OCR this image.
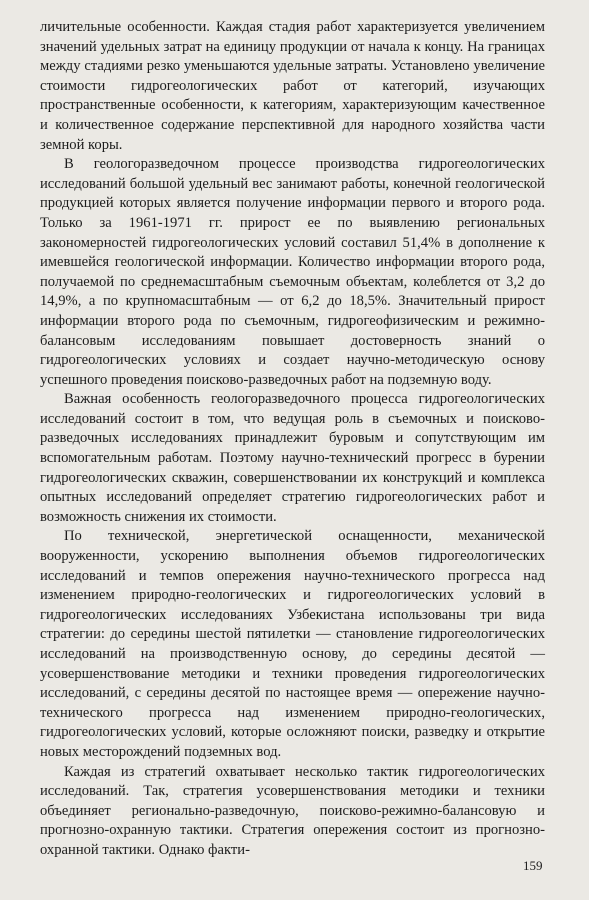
личительные особенности. Каждая стадия работ характеризуется увеличением значений удельных затрат на единицу продукции от начала к концу. На границах между стадиями резко уменьшаются удельные затраты. Установлено увеличение стоимости гидрогеологических работ от категорий, изучающих пространственные особенности, к категориям, характеризующим качественное и количественное содержание перспективной для народного хозяйства части земной коры.

В геологоразведочном процессе производства гидрогеологических исследований большой удельный вес занимают работы, конечной геологической продукцией которых является получение информации первого и второго рода. Только за 1961-1971 гг. прирост ее по выявлению региональных закономерностей гидрогеологических условий составил 51,4% в дополнение к имевшейся геологической информации. Количество информации второго рода, получаемой по среднемасштабным съемочным объектам, колеблется от 3,2 до 14,9%, а по крупномасштабным — от 6,2 до 18,5%. Значительный прирост информации второго рода по съемочным, гидрогеофизическим и режимно-балансовым исследованиям повышает достоверность знаний о гидрогеологических условиях и создает научно-методическую основу успешного проведения поисково-разведочных работ на подземную воду.

Важная особенность геологоразведочного процесса гидрогеологических исследований состоит в том, что ведущая роль в съемочных и поисково-разведочных исследованиях принадлежит буровым и сопутствующим им вспомогательным работам. Поэтому научно-технический прогресс в бурении гидрогеологических скважин, совершенствовании их конструкций и комплекса опытных исследований определяет стратегию гидрогеологических работ и возможность снижения их стоимости.

По технической, энергетической оснащенности, механической вооруженности, ускорению выполнения объемов гидрогеологических исследований и темпов опережения научно-технического прогресса над изменением природно-геологических и гидрогеологических условий в гидрогеологических исследованиях Узбекистана использованы три вида стратегии: до середины шестой пятилетки — становление гидрогеологических исследований на производственную основу, до середины десятой — усовершенствование методики и техники проведения гидрогеологических исследований, с середины десятой по настоящее время — опережение научно-технического прогресса над изменением природно-геологических, гидрогеологических условий, которые осложняют поиски, разведку и открытие новых месторождений подземных вод.

Каждая из стратегий охватывает несколько тактик гидрогеологических исследований. Так, стратегия усовершенствования методики и техники объединяет регионально-разведочную, поисково-режимно-балансовую и прогнозно-охранную тактики. Стратегия опережения состоит из прогнозно-охранной тактики. Однако факти-

159
